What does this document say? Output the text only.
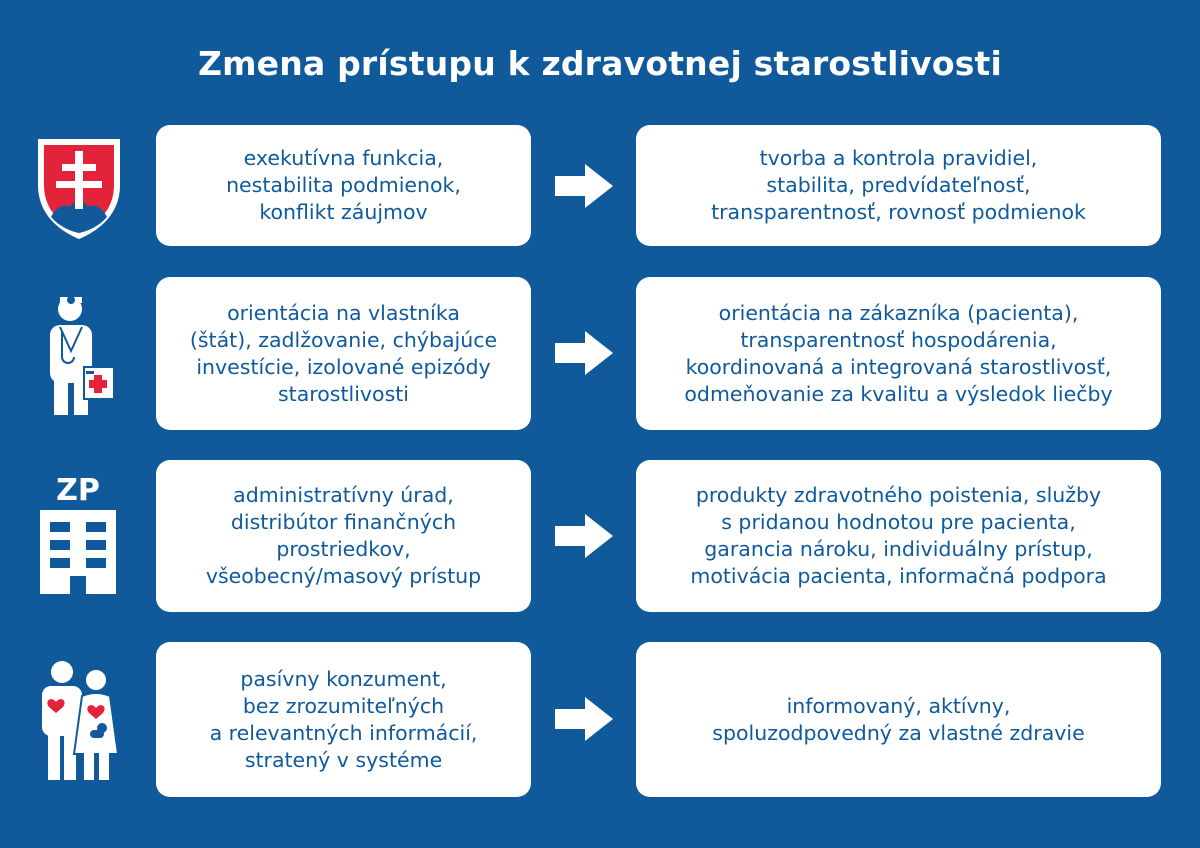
Zmena prístupu k zdravotnej starostlivosti
exekutívna funkcia,
nestabilita podmienok,
konflikt záujmov
tvorba a kontrola pravidiel,
stabilita, predvídateľnosť,
transparentnosť, rovnosť podmienok
orientácia na vlastníka
(štát), zadlžovanie, chýbajúce
investície, izolované epizódy
starostlivosti
orientácia na zákazníka (pacienta),
transparentnosť hospodárenia,
koordinovaná a integrovaná starostlivosť,
odmeňovanie za kvalitu a výsledok liečby
ZP	administratívny úrad,
distribútor finančných
prostriedkov,
všeobecný/masový prístup
produkty zdravotného poistenia, služby
s pridanou hodnotou pre pacienta,
garancia nároku, individuálny prístup,
motivácia pacienta, informačná podpora
pasívny konzument,
bez zrozumiteľných
a relevantných informácií,
stratený v systéme
informovaný, aktívny,
spoluzodpovedný za vlastné zdravie
